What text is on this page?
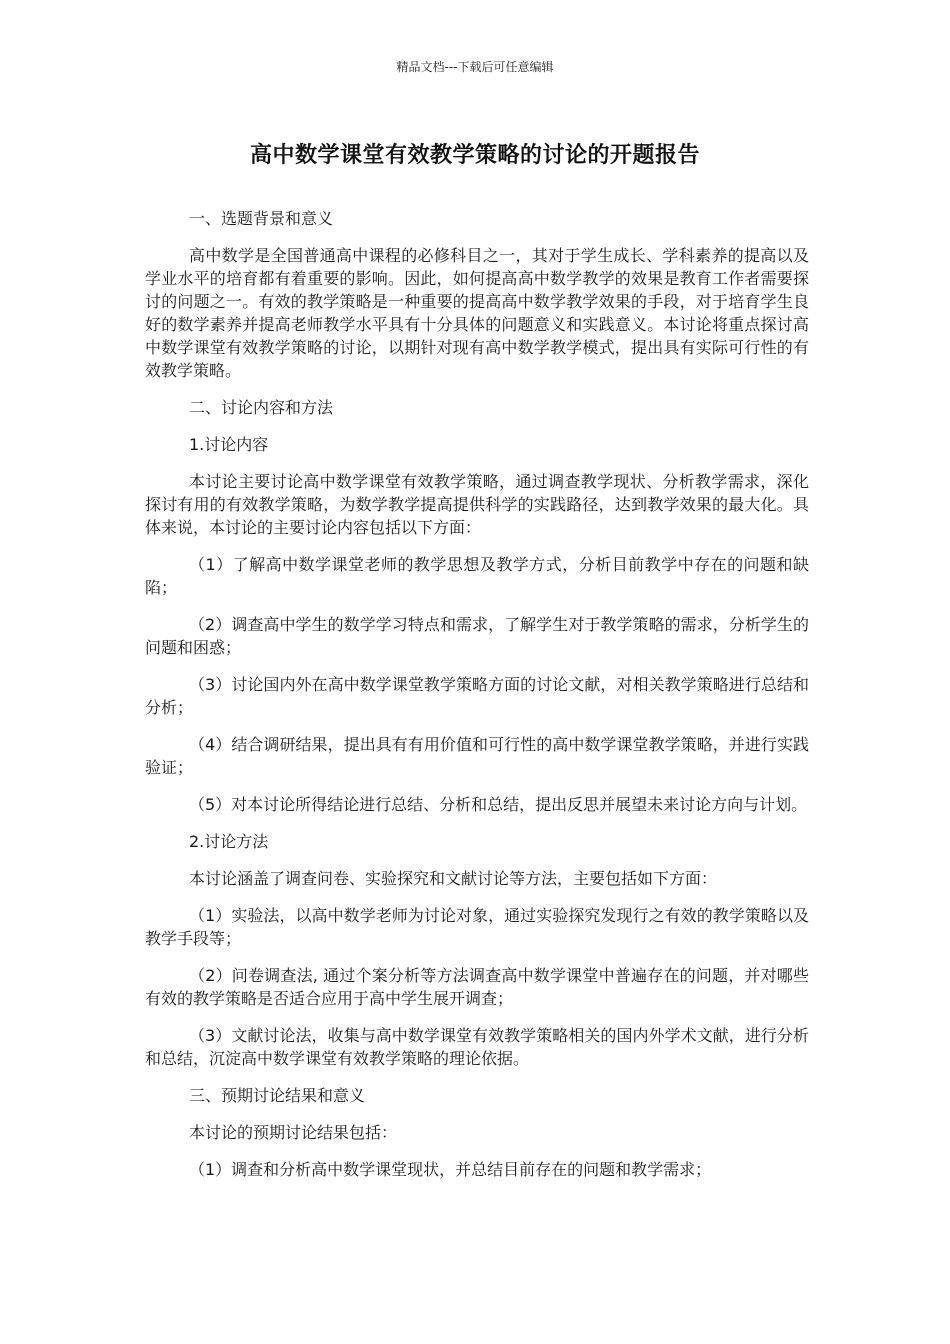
精品文档---下载后可任意编辑
高中数学课堂有效教学策略的讨论的开题报告

一、选题背景和意义

高中数学是全国普通高中课程的必修科目之一，其对于学生成长、学科素养的提高以及学业水平的培育都有着重要的影响。因此，如何提高高中数学教学的效果是教育工作者需要探讨的问题之一。有效的教学策略是一种重要的提高高中数学教学效果的手段，对于培育学生良好的数学素养并提高老师教学水平具有十分具体的问题意义和实践意义。本讨论将重点探讨高中数学课堂有效教学策略的讨论，以期针对现有高中数学教学模式，提出具有实际可行性的有效教学策略。

二、讨论内容和方法

1.讨论内容

本讨论主要讨论高中数学课堂有效教学策略，通过调查教学现状、分析教学需求，深化探讨有用的有效教学策略，为数学教学提高提供科学的实践路径，达到教学效果的最大化。具体来说，本讨论的主要讨论内容包括以下方面：

（1）了解高中数学课堂老师的教学思想及教学方式，分析目前教学中存在的问题和缺陷；

（2）调查高中学生的数学学习特点和需求，了解学生对于教学策略的需求，分析学生的问题和困惑；

（3）讨论国内外在高中数学课堂教学策略方面的讨论文献，对相关教学策略进行总结和分析；

（4）结合调研结果，提出具有有用价值和可行性的高中数学课堂教学策略，并进行实践验证；

（5）对本讨论所得结论进行总结、分析和总结，提出反思并展望未来讨论方向与计划。

2.讨论方法

本讨论涵盖了调查问卷、实验探究和文献讨论等方法，主要包括如下方面：

（1）实验法，以高中数学老师为讨论对象，通过实验探究发现行之有效的教学策略以及教学手段等；

（2）问卷调查法, 通过个案分析等方法调查高中数学课堂中普遍存在的问题，并对哪些有效的教学策略是否适合应用于高中学生展开调查；

（3）文献讨论法，收集与高中数学课堂有效教学策略相关的国内外学术文献，进行分析和总结，沉淀高中数学课堂有效教学策略的理论依据。

三、预期讨论结果和意义

本讨论的预期讨论结果包括：

（1）调查和分析高中数学课堂现状，并总结目前存在的问题和教学需求；
